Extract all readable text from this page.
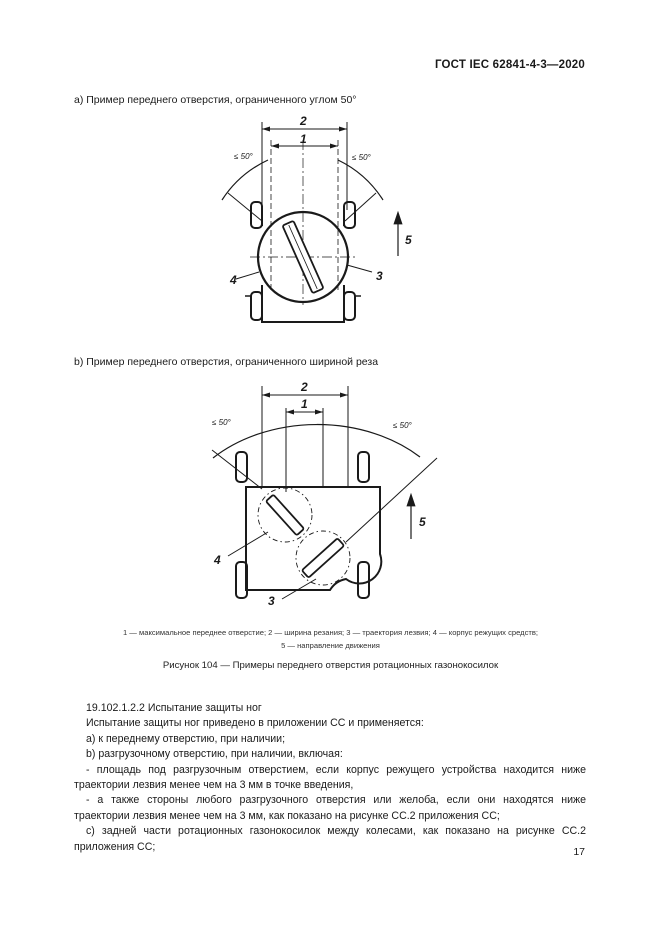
ГОСТ IEC 62841-4-3—2020
a) Пример переднего отверстия, ограниченного углом 50°
2
1
4	3
5
≤ 50°	≤ 50°
b) Пример переднего отверстия, ограниченного шириной реза
2
1
4
3
5
≤ 50°	≤ 50°
1 — максимальное переднее отверстие; 2 — ширина резания; 3 — траектория лезвия; 4 — корпус режущих средств;
5 — направление движения
Рисунок 104 — Примеры переднего отверстия ротационных газонокосилок

19.102.1.2.2 Испытание защиты ног

Испытание защиты ног приведено в приложении СС и применяется:

a) к переднему отверстию, при наличии;

b) разгрузочному отверстию, при наличии, включая:

- площадь под разгрузочным отверстием, если корпус режущего устройства находится ниже траектории лезвия менее чем на 3 мм в точке введения,

- а также стороны любого разгрузочного отверстия или желоба, если они находятся ниже траектории лезвия менее чем на 3 мм, как показано на рисунке СС.2 приложения СС;

c) задней части ротационных газонокосилок между колесами, как показано на рисунке СС.2 приложения СС;	17
